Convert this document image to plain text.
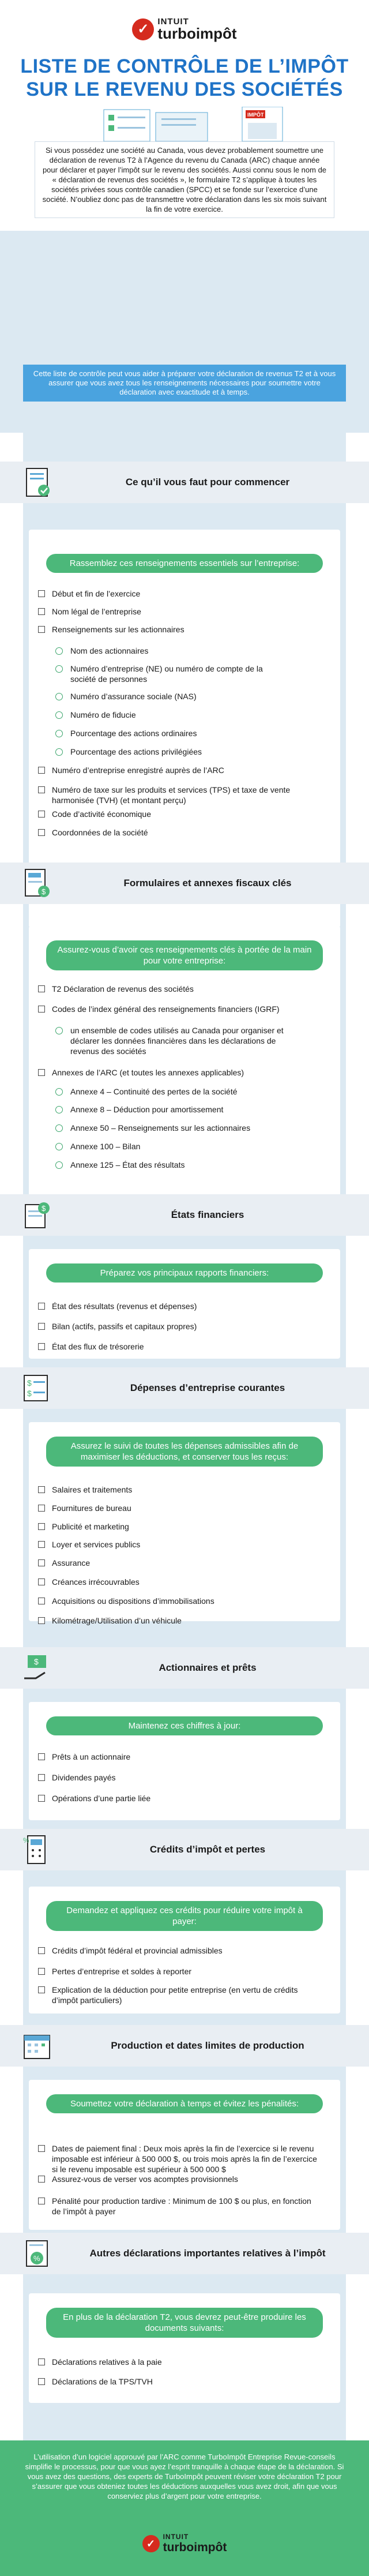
✓ INTUIT
turboimpôt
LISTE DE CONTRÔLE DE L’IMPÔT SUR LE REVENU DES SOCIÉTÉS
IMPÔT
Cette liste de contrôle peut vous aider à préparer votre déclaration de revenus T2 et à vous assurer que vous avez tous les renseignements nécessaires pour soumettre votre déclaration avec exactitude et à temps.
Si vous possédez une société au Canada, vous devez probablement soumettre une déclaration de revenus T2 à l’Agence du revenu du Canada (ARC) chaque année pour déclarer et payer l’impôt sur le revenu des sociétés. Aussi connu sous le nom de « déclaration de revenus des sociétés », le formulaire T2 s’applique à toutes les sociétés privées sous contrôle canadien (SPCC) et se fonde sur l’exercice d’une société. N’oubliez donc pas de transmettre votre déclaration dans les six mois suivant la fin de votre exercice.
L’utilisation d’un logiciel approuvé par l’ARC comme TurboImpôt Entreprise Revue-conseils simplifie le processus, pour que vous ayez l’esprit tranquille à chaque étape de la déclaration. Si vous avez des questions, des experts de TurboImpôt peuvent réviser votre déclaration T2 pour s’assurer que vous obteniez toutes les déductions auxquelles vous avez droit, afin que vous conserviez plus d’argent pour votre entreprise.
✓
INTUIT
turboimpôt
Ce qu’il vous faut pour commencer
Rassemblez ces renseignements essentiels sur l’entreprise:
Début et fin de l’exercice
Nom légal de l’entreprise
Renseignements sur les actionnaires
Nom des actionnaires
Numéro d’entreprise (NE) ou numéro de compte de la société de personnes
Numéro d’assurance sociale (NAS)
Numéro de fiducie
Pourcentage des actions ordinaires
Pourcentage des actions privilégiées
Numéro d’entreprise enregistré auprès de l’ARC
Numéro de taxe sur les produits et services (TPS) et taxe de vente harmonisée (TVH) (et montant perçu)
Code d’activité économique
Coordonnées de la société
$
Formulaires et annexes fiscaux clés
Assurez-vous d’avoir ces renseignements clés à portée de la main pour votre entreprise:
T2 Déclaration de revenus des sociétés
Codes de l’index général des renseignements financiers (IGRF)
un ensemble de codes utilisés au Canada pour organiser et déclarer les données financières dans les déclarations de revenus des sociétés
Annexes de l’ARC (et toutes les annexes applicables)
Annexe 4 – Continuité des pertes de la société
Annexe 8 – Déduction pour amortissement
Annexe 50 – Renseignements sur les actionnaires
Annexe 100 – Bilan
Annexe 125 – État des résultats
$
États financiers
Préparez vos principaux rapports financiers:
État des résultats (revenus et dépenses)
Bilan (actifs, passifs et capitaux propres)
État des flux de trésorerie
$
$	Dépenses d’entreprise courantes
Assurez le suivi de toutes les dépenses admissibles afin de maximiser les déductions, et conserver tous les reçus:
Salaires et traitements
Fournitures de bureau
Publicité et marketing
Loyer et services publics
Assurance
Créances irrécouvrables
Acquisitions ou dispositions d’immobilisations
Kilométrage/Utilisation d’un véhicule
$
Actionnaires et prêts
Maintenez ces chiffres à jour:
Prêts à un actionnaire
Dividendes payés
Opérations d’une partie liée
%
Crédits d’impôt et pertes
Demandez et appliquez ces crédits pour réduire votre impôt à payer:
Crédits d’impôt fédéral et provincial admissibles
Pertes d’entreprise et soldes à reporter
Explication de la déduction pour petite entreprise (en vertu de crédits d’impôt particuliers)
Production et dates limites de production
Soumettez votre déclaration à temps et évitez les pénalités:
Dates de paiement final : Deux mois après la fin de l’exercice si le revenu imposable est inférieur à 500 000 $, ou trois mois après la fin de l’exercice si le revenu imposable est supérieur à 500 000 $
Assurez-vous de verser vos acomptes provisionnels
Pénalité pour production tardive : Minimum de 100 $ ou plus, en fonction de l’impôt à payer
%	Autres déclarations importantes relatives à l’impôt
En plus de la déclaration T2, vous devrez peut-être produire les documents suivants:
Déclarations relatives à la paie
Déclarations de la TPS/TVH
